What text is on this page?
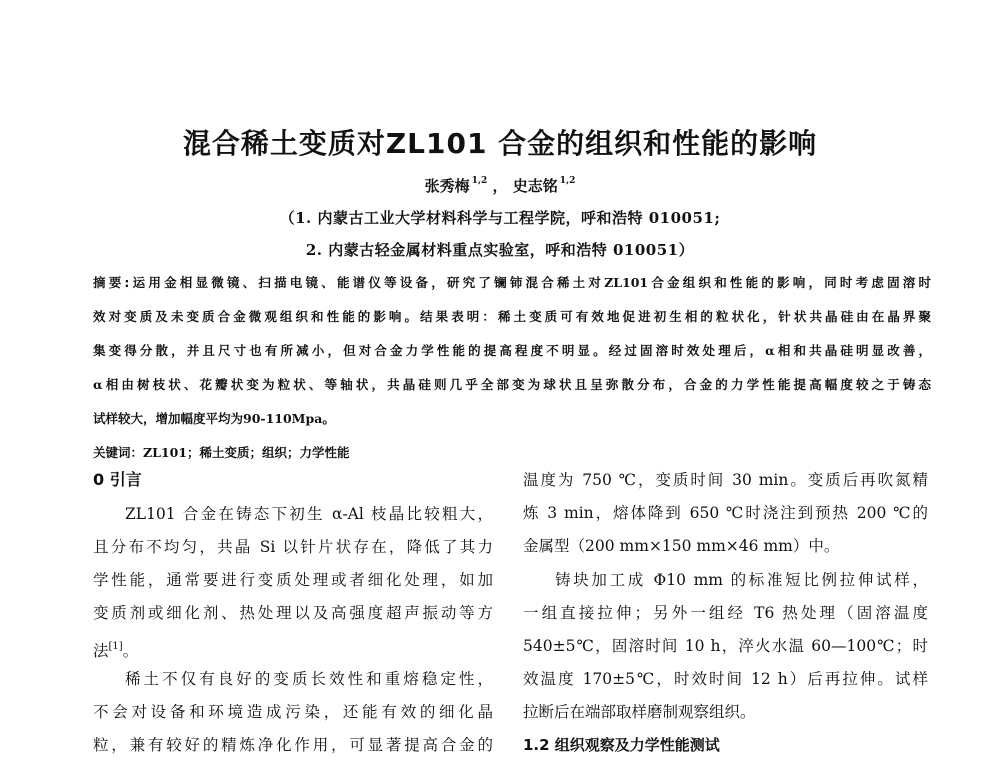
混合稀土变质对ZL101 合金的组织和性能的影响
张秀梅 $^{1,2}$ ， 史志铭 $^{1,2}$
（1. 内蒙古工业大学材料科学与工程学院，呼和浩特 010051;
2. 内蒙古轻金属材料重点实验室，呼和浩特 010051）
摘要:运用金相显微镜、扫描电镜、能谱仪等设备，研究了镧铈混合稀土对ZL101合金组织和性能的影响，同时考虑固溶时
效对变质及未变质合金微观组织和性能的影响。结果表明：稀土变质可有效地促进初生相的粒状化，针状共晶硅由在晶界聚
集变得分散，并且尺寸也有所减小，但对合金力学性能的提高程度不明显。经过固溶时效处理后，α相和共晶硅明显改善，
α相由树枝状、花瓣状变为粒状、等轴状，共晶硅则几乎全部变为球状且呈弥散分布，合金的力学性能提高幅度较之于铸态
试样较大，增加幅度平均为90-110Mpa。
关键词：ZL101；稀土变质；组织；力学性能
0 引言
ZL101 合金在铸态下初生 α-Al 枝晶比较粗大，
且分布不均匀，共晶 Si 以针片状存在，降低了其力
学性能，通常要进行变质处理或者细化处理，如加
变质剂或细化剂、热处理以及高强度超声振动等方
法[1]。
稀土不仅有良好的变质长效性和重熔稳定性，
不会对设备和环境造成污染，还能有效的细化晶
粒，兼有较好的精炼净化作用，可显著提高合金的
温度为 750 ℃，变质时间 30 min。变质后再吹氮精
炼 3 min，熔体降到 650 ℃时浇注到预热 200 ℃的
金属型（200 mm×150 mm×46 mm）中。
铸块加工成 Φ10 mm 的标准短比例拉伸试样，
一组直接拉伸；另外一组经 T6 热处理（固溶温度
540±5℃，固溶时间 10 h，淬火水温 60—100℃；时
效温度 170±5℃，时效时间 12 h）后再拉伸。试样
拉断后在端部取样磨制观察组织。
1.2 组织观察及力学性能测试
